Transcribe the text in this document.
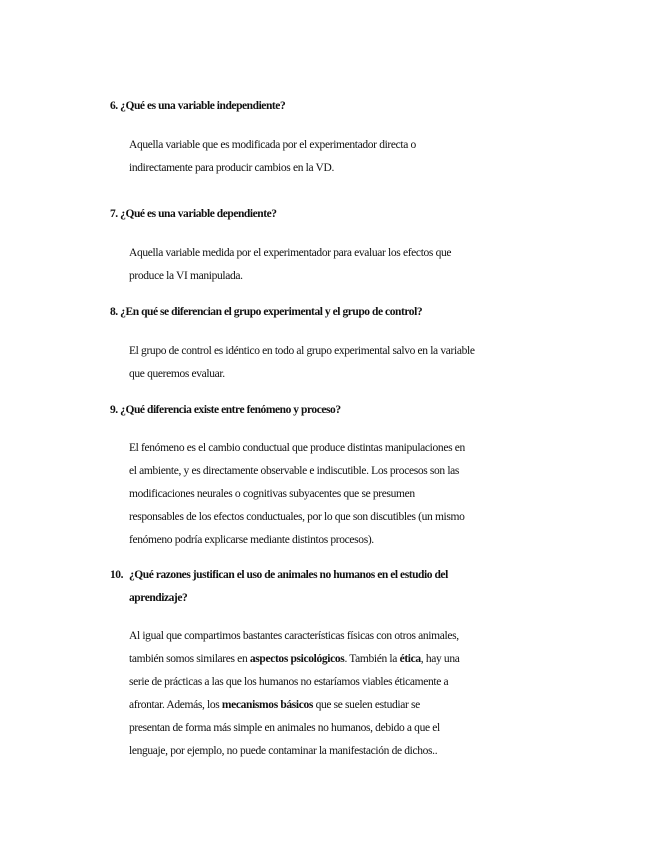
6. ¿Qué es una variable independiente?

Aquella variable que es modificada por el experimentador directa o

indirectamente para producir cambios en la VD.

7. ¿Qué es una variable dependiente?

Aquella variable medida por el experimentador para evaluar los efectos que

produce la VI manipulada.

8. ¿En qué se diferencian el grupo experimental y el grupo de control?

El grupo de control es idéntico en todo al grupo experimental salvo en la variable

que queremos evaluar.

9. ¿Qué diferencia existe entre fenómeno y proceso?

El fenómeno es el cambio conductual que produce distintas manipulaciones en

el ambiente, y es directamente observable e indiscutible. Los procesos son las

modificaciones neurales o cognitivas subyacentes que se presumen

responsables de los efectos conductuales, por lo que son discutibles (un mismo

fenómeno podría explicarse mediante distintos procesos).

10. ¿Qué razones justifican el uso de animales no humanos en el estudio del
aprendizaje?

Al igual que compartimos bastantes características físicas con otros animales,

también somos similares en aspectos psicológicos. También la ética, hay una

serie de prácticas a las que los humanos no estaríamos viables éticamente a

afrontar. Además, los mecanismos básicos que se suelen estudiar se

presentan de forma más simple en animales no humanos, debido a que el

lenguaje, por ejemplo, no puede contaminar la manifestación de dichos..
